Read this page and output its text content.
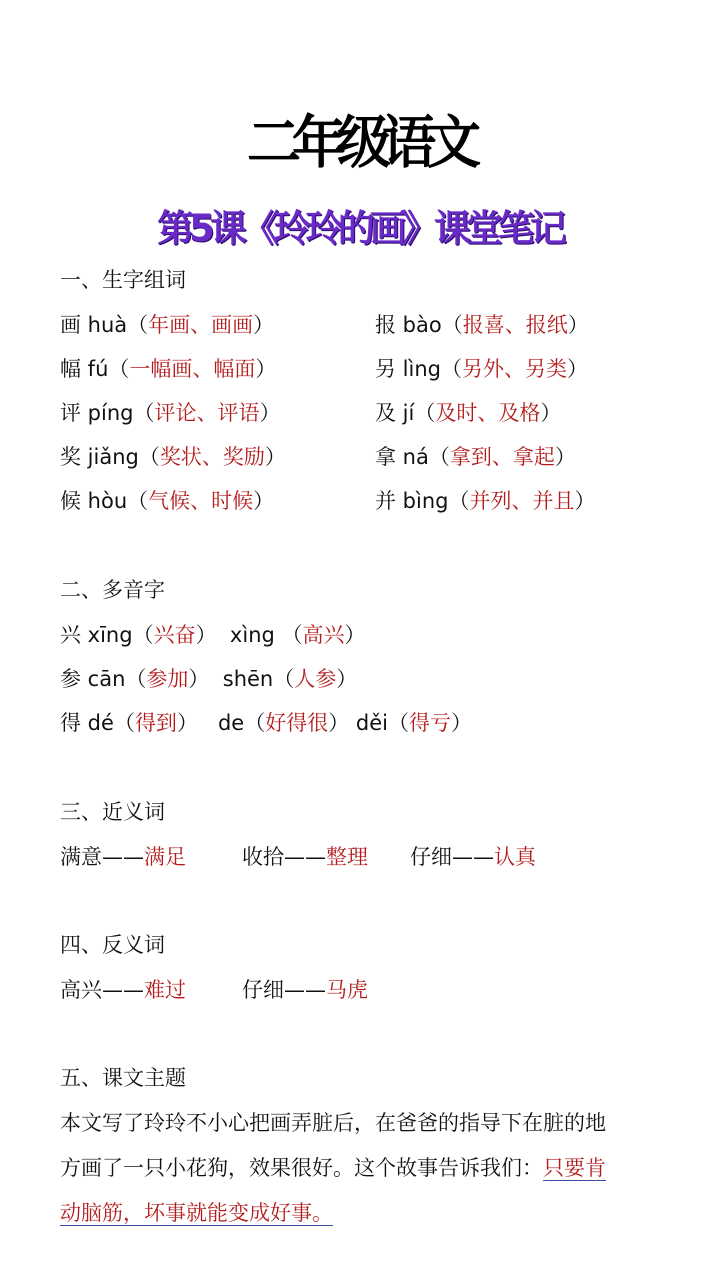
二年级语文
第5课《玲玲的画》课堂笔记
一、生字组词
画 huà（年画、画画）
幅 fú（一幅画、幅面）
评 píng（评论、评语）
奖 jiǎng（奖状、奖励）
候 hòu（气候、时候）
报 bào（报喜、报纸）
另 lìng（另外、另类）
及 jí（及时、及格）
拿 ná（拿到、拿起）
并 bìng（并列、并且）
二、多音字
兴 xīng（兴奋）  xìng （高兴）
参 cān（参加）  shēn（人参）
得 dé（得到）   de（好得很） děi（得亏）
三、近义词
满意——满足	收拾——整理 仔细——认真
四、反义词
高兴——难过	仔细——马虎
五、课文主题
本文写了玲玲不小心把画弄脏后，在爸爸的指导下在脏的地
方画了一只小花狗，效果很好。这个故事告诉我们：只要肯
动脑筋，坏事就能变成好事。
